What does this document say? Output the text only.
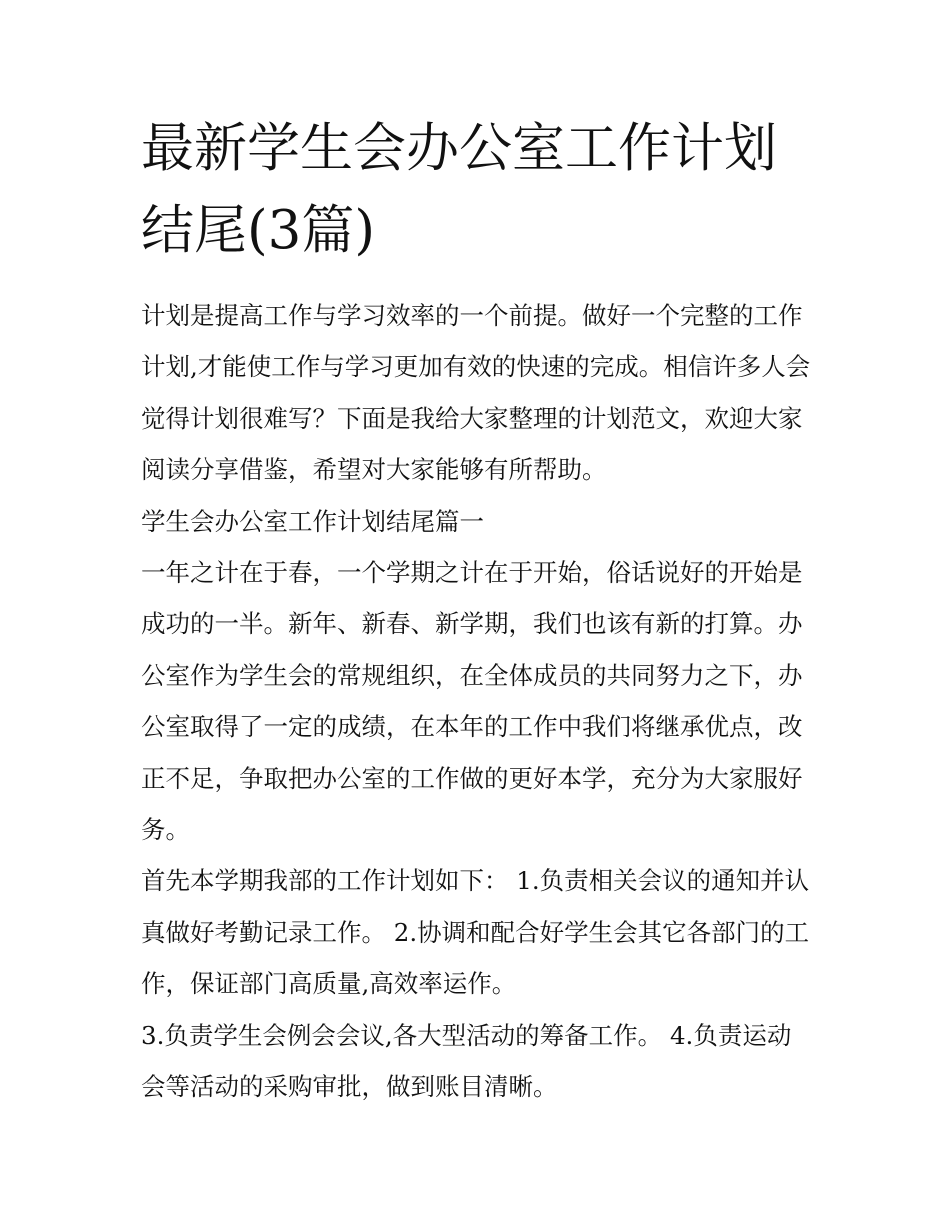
最新学生会办公室工作计划结尾(3篇)

计划是提高工作与学习效率的一个前提。做好一个完整的工作计划,才能使工作与学习更加有效的快速的完成。相信许多人会觉得计划很难写？下面是我给大家整理的计划范文，欢迎大家阅读分享借鉴，希望对大家能够有所帮助。

学生会办公室工作计划结尾篇一

一年之计在于春，一个学期之计在于开始，俗话说好的开始是成功的一半。新年、新春、新学期，我们也该有新的打算。办公室作为学生会的常规组织，在全体成员的共同努力之下，办公室取得了一定的成绩，在本年的工作中我们将继承优点，改正不足，争取把办公室的工作做的更好本学，充分为大家服好务。

首先本学期我部的工作计划如下： 1.负责相关会议的通知并认真做好考勤记录工作。 2.协调和配合好学生会其它各部门的工作，保证部门高质量,高效率运作。

3.负责学生会例会会议,各大型活动的筹备工作。 4.负责运动会等活动的采购审批，做到账目清晰。
